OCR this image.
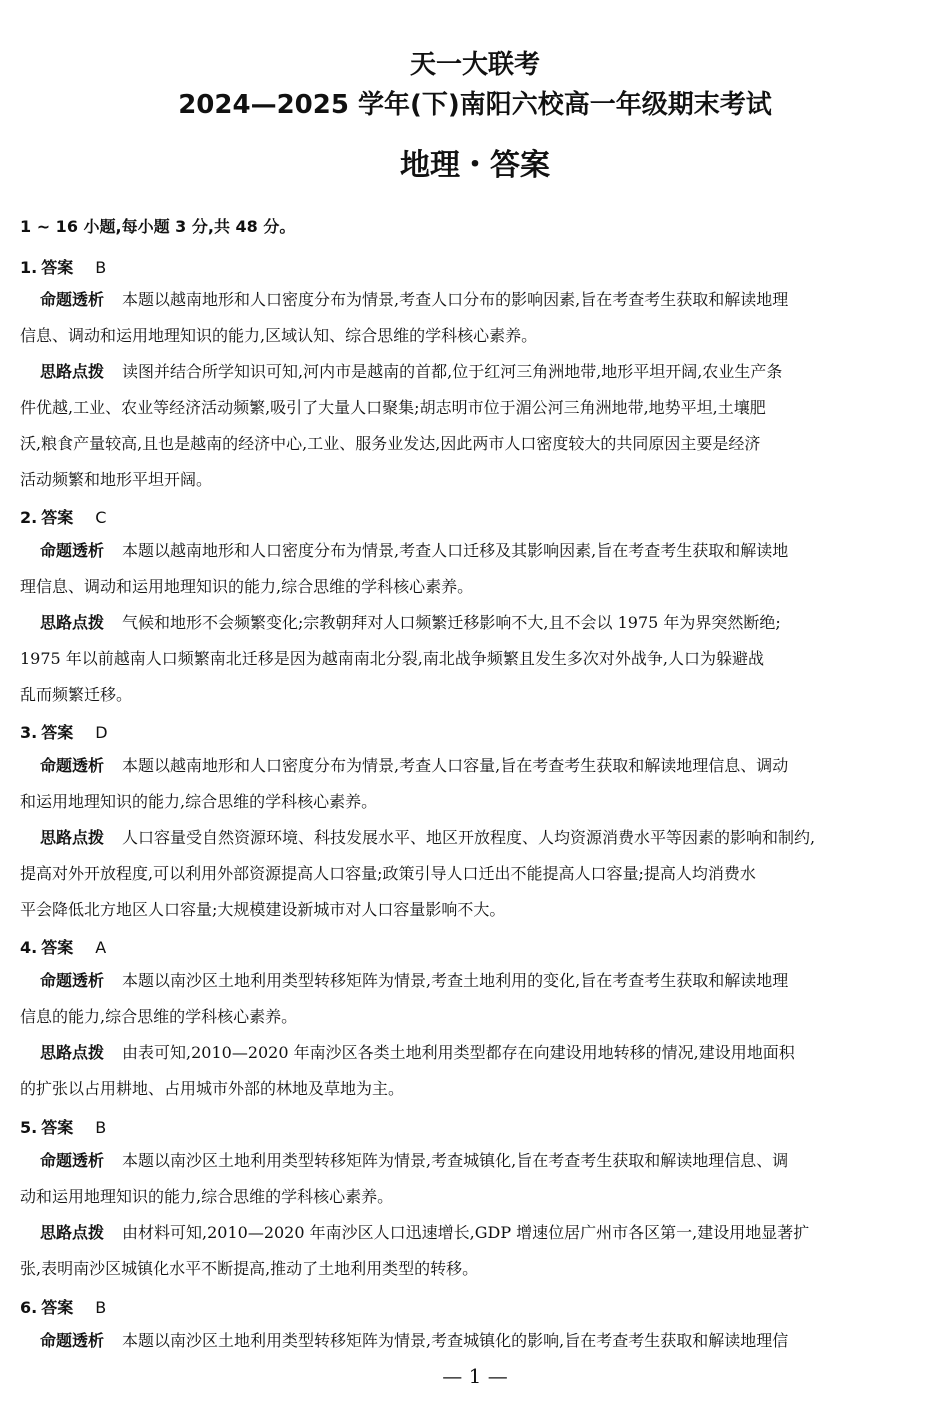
天一大联考
2024—2025 学年(下)南阳六校高一年级期末考试
地理・答案
1 ~ 16 小题,每小题 3 分,共 48 分。
1. 答案 B
命题透析 本题以越南地形和人口密度分布为情景,考查人口分布的影响因素,旨在考查考生获取和解读地理
信息、调动和运用地理知识的能力,区域认知、综合思维的学科核心素养。
思路点拨 读图并结合所学知识可知,河内市是越南的首都,位于红河三角洲地带,地形平坦开阔,农业生产条
件优越,工业、农业等经济活动频繁,吸引了大量人口聚集;胡志明市位于湄公河三角洲地带,地势平坦,土壤肥
沃,粮食产量较高,且也是越南的经济中心,工业、服务业发达,因此两市人口密度较大的共同原因主要是经济
活动频繁和地形平坦开阔。
2. 答案 C
命题透析 本题以越南地形和人口密度分布为情景,考查人口迁移及其影响因素,旨在考查考生获取和解读地
理信息、调动和运用地理知识的能力,综合思维的学科核心素养。
思路点拨 气候和地形不会频繁变化;宗教朝拜对人口频繁迁移影响不大,且不会以 1975 年为界突然断绝;
1975 年以前越南人口频繁南北迁移是因为越南南北分裂,南北战争频繁且发生多次对外战争,人口为躲避战
乱而频繁迁移。
3. 答案 D
命题透析 本题以越南地形和人口密度分布为情景,考查人口容量,旨在考查考生获取和解读地理信息、调动
和运用地理知识的能力,综合思维的学科核心素养。
思路点拨 人口容量受自然资源环境、科技发展水平、地区开放程度、人均资源消费水平等因素的影响和制约,
提高对外开放程度,可以利用外部资源提高人口容量;政策引导人口迁出不能提高人口容量;提高人均消费水
平会降低北方地区人口容量;大规模建设新城市对人口容量影响不大。
4. 答案 A
命题透析 本题以南沙区土地利用类型转移矩阵为情景,考查土地利用的变化,旨在考查考生获取和解读地理
信息的能力,综合思维的学科核心素养。
思路点拨 由表可知,2010—2020 年南沙区各类土地利用类型都存在向建设用地转移的情况,建设用地面积
的扩张以占用耕地、占用城市外部的林地及草地为主。
5. 答案 B
命题透析 本题以南沙区土地利用类型转移矩阵为情景,考查城镇化,旨在考查考生获取和解读地理信息、调
动和运用地理知识的能力,综合思维的学科核心素养。
思路点拨 由材料可知,2010—2020 年南沙区人口迅速增长,GDP 增速位居广州市各区第一,建设用地显著扩
张,表明南沙区城镇化水平不断提高,推动了土地利用类型的转移。
6. 答案 B
命题透析 本题以南沙区土地利用类型转移矩阵为情景,考查城镇化的影响,旨在考查考生获取和解读地理信
— 1 —
